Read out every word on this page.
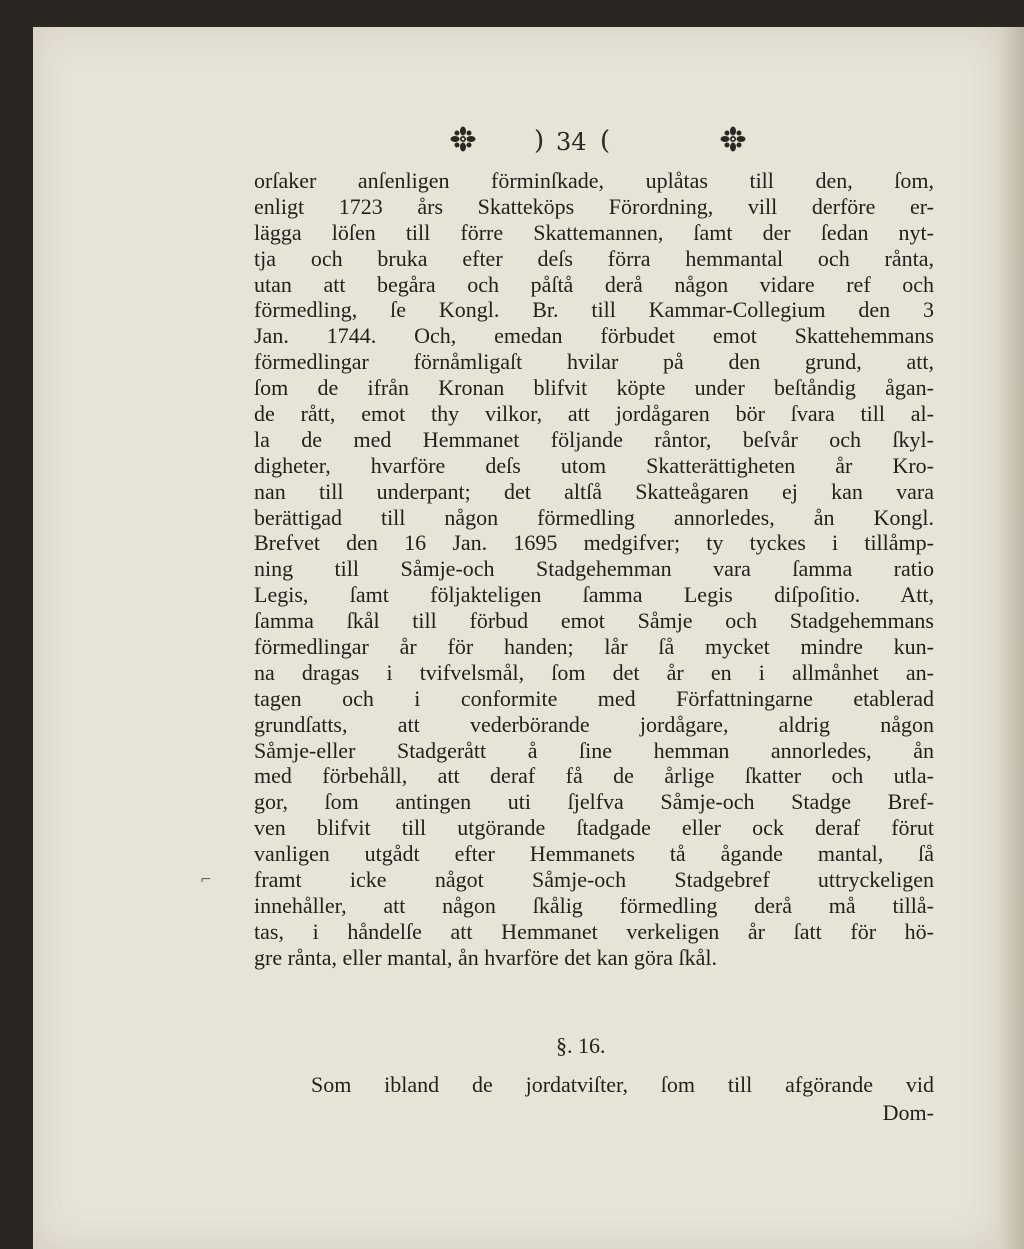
) 34 (
orſaker anſenligen förminſkade, uplåtas till den, ſom,
enligt 1723 års Skatteköps Förordning, vill derföre er-
lägga löſen till förre Skattemannen, ſamt der ſedan nyt-
tja och bruka efter deſs förra hemmantal och rånta,
utan att begåra och påſtå derå någon vidare ref och
förmedling, ſe Kongl. Br. till Kammar-Collegium den 3
Jan. 1744. Och, emedan förbudet emot Skattehemmans
förmedlingar förnåmligaſt hvilar på den grund, att,
ſom de ifrån Kronan blifvit köpte under beſtåndig ågan-
de rått, emot thy vilkor, att jordågaren bör ſvara till al-
la de med Hemmanet följande råntor, beſvår och ſkyl-
digheter, hvarföre deſs utom Skatterättigheten år Kro-
nan till underpant; det altſå Skatteågaren ej kan vara
berättigad till någon förmedling annorledes, ån Kongl.
Brefvet den 16 Jan. 1695 medgifver; ty tyckes i tillåmp-
ning till Såmje-och Stadgehemman vara ſamma ratio
Legis, ſamt följakteligen ſamma Legis diſpoſitio. Att,
ſamma ſkål till förbud emot Såmje och Stadgehemmans
förmedlingar år för handen; lår ſå mycket mindre kun-
na dragas i tvifvelsmål, ſom det år en i allmånhet an-
tagen och i conformite med Författningarne etablerad
grundſatts, att vederbörande jordågare, aldrig någon
Såmje-eller Stadgerått å ſine hemman annorledes, ån
med förbehåll, att deraf få de årlige ſkatter och utla-
gor, ſom antingen uti ſjelfva Såmje-och Stadge Bref-
ven blifvit till utgörande ſtadgade eller ock deraf förut
vanligen utgådt efter Hemmanets tå ågande mantal, ſå
framt icke något Såmje-och Stadgebref uttryckeligen
innehåller, att någon ſkålig förmedling derå må tillå-
tas, i håndelſe att Hemmanet verkeligen år ſatt för hö-
gre rånta, eller mantal, ån hvarföre det kan göra ſkål.
⌐
§. 16.
Som ibland de jordatviſter, ſom till afgörande vid
Dom-
